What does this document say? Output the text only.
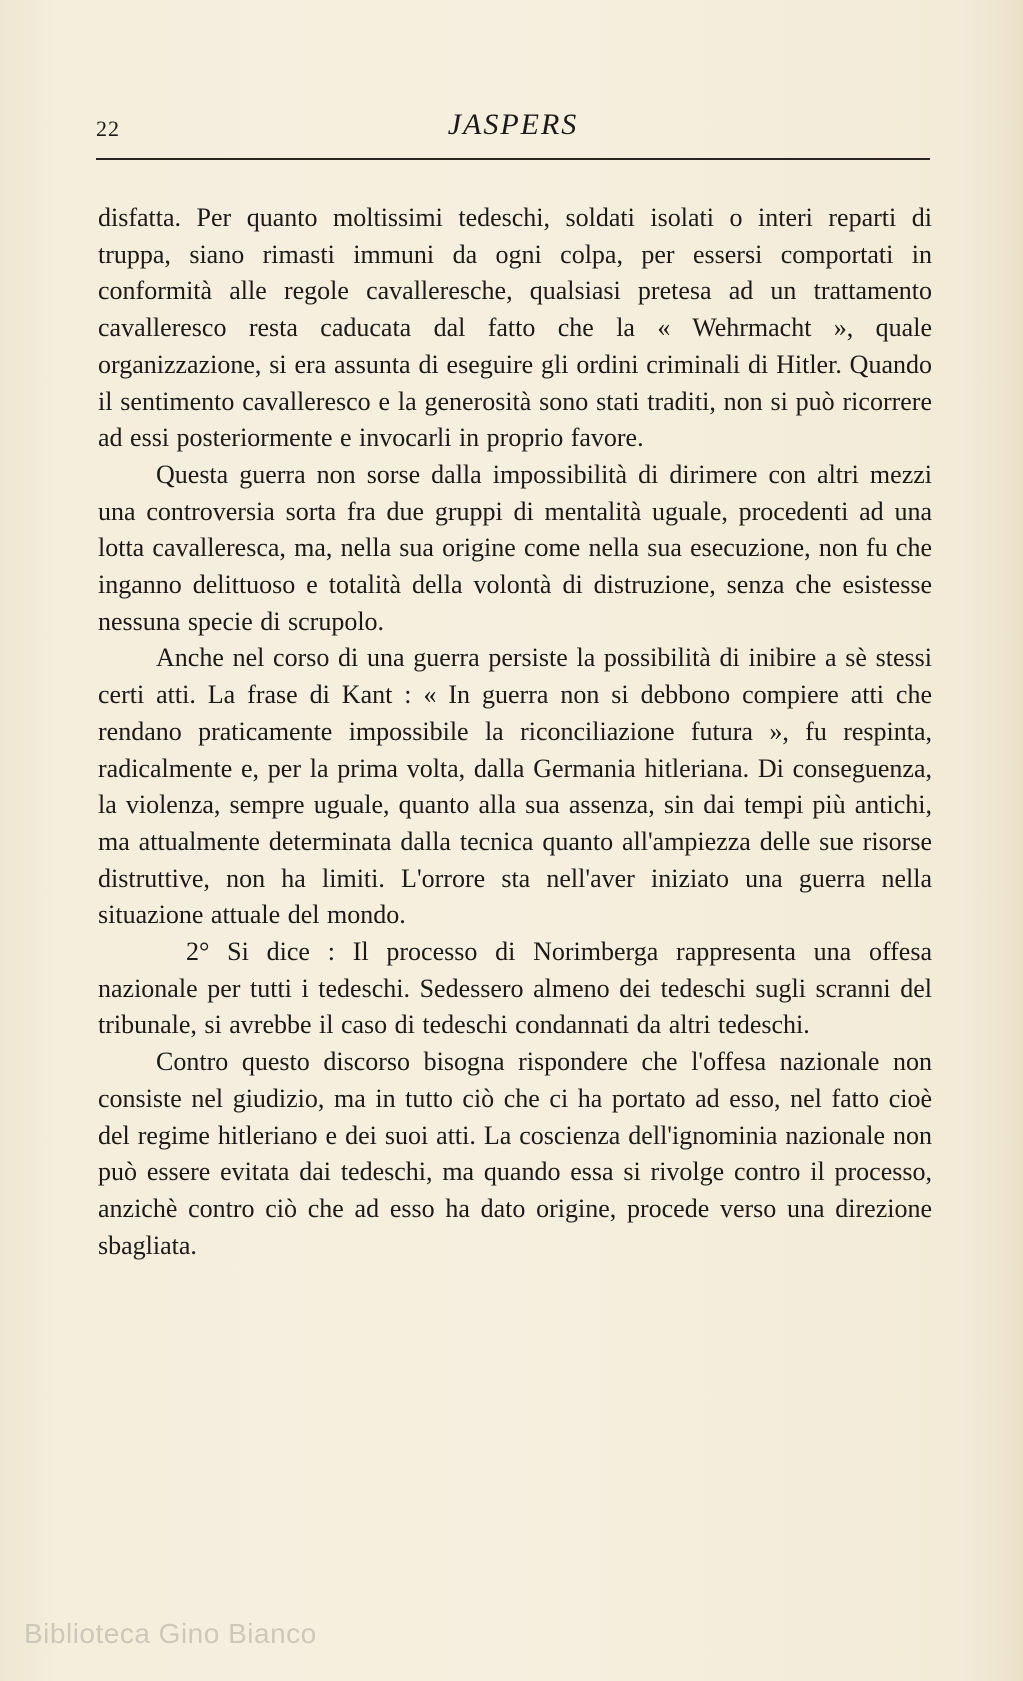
22	JASPERS

disfatta. Per quanto moltissimi tedeschi, soldati isolati o interi reparti di truppa, siano rimasti immuni da ogni colpa, per essersi comportati in conformità alle regole cavalleresche, qualsiasi pretesa ad un trattamento cavalleresco resta caducata dal fatto che la « Wehrmacht », quale organizzazione, si era assunta di eseguire gli ordini criminali di Hitler. Quando il sentimento cavalleresco e la generosità sono stati traditi, non si può ricorrere ad essi posteriormente e invocarli in proprio favore.

Questa guerra non sorse dalla impossibilità di dirimere con altri mezzi una controversia sorta fra due gruppi di mentalità uguale, procedenti ad una lotta cavalleresca, ma, nella sua origine come nella sua esecuzione, non fu che inganno delittuoso e totalità della volontà di distruzione, senza che esistesse nessuna specie di scrupolo.

Anche nel corso di una guerra persiste la possibilità di inibire a sè stessi certi atti. La frase di Kant : « In guerra non si debbono compiere atti che rendano praticamente impossibile la riconciliazione futura », fu respinta, radicalmente e, per la prima volta, dalla Germania hitleriana. Di conseguenza, la violenza, sempre uguale, quanto alla sua assenza, sin dai tempi più antichi, ma attualmente determinata dalla tecnica quanto all'ampiezza delle sue risorse distruttive, non ha limiti. L'orrore sta nell'aver iniziato una guerra nella situazione attuale del mondo.

2° Si dice : Il processo di Norimberga rappresenta una offesa nazionale per tutti i tedeschi. Sedessero almeno dei tedeschi sugli scranni del tribunale, si avrebbe il caso di tedeschi condannati da altri tedeschi.

Contro questo discorso bisogna rispondere che l'offesa nazionale non consiste nel giudizio, ma in tutto ciò che ci ha portato ad esso, nel fatto cioè del regime hitleriano e dei suoi atti. La coscienza dell'ignominia nazionale non può essere evitata dai tedeschi, ma quando essa si rivolge contro il processo, anzichè contro ciò che ad esso ha dato origine, procede verso una direzione sbagliata.

Biblioteca Gino Bianco
